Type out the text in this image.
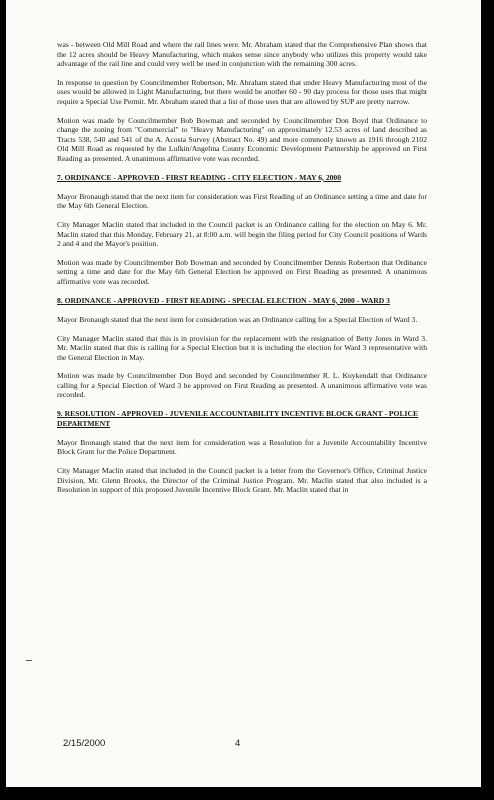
was - between Old Mill Road and where the rail lines were. Mr. Abraham stated that the Comprehensive Plan shows that the 12 acres should be Heavy Manufacturing, which makes sense since anybody who utilizes this property would take advantage of the rail line and could very well be used in conjunction with the remaining 300 acres.

In response to question by Councilmember Robertson, Mr. Abraham stated that under Heavy Manufacturing most of the uses would be allowed in Light Manufacturing, but there would be another 60 - 90 day process for those uses that might require a Special Use Permit. Mr. Abraham stated that a list of those uses that are allowed by SUP are pretty narrow.

Motion was made by Councilmember Bob Bowman and seconded by Councilmember Don Boyd that Ordinance to change the zoning from "Commercial" to "Heavy Manufacturing" on approximately 12.53 acres of land described as Tracts 538, 540 and 541 of the A. Acosta Survey (Abstract No. 49) and more commonly known as 1916 through 2102 Old Mill Road as requested by the Lufkin/Angelina County Economic Development Partnership be approved on First Reading as presented. A unanimous affirmative vote was recorded.

7. ORDINANCE - APPROVED - FIRST READING - CITY ELECTION - MAY 6, 2000

Mayor Bronaugh stated that the next item for consideration was First Reading of an Ordinance setting a time and date for the May 6th General Election.

City Manager Maclin stated that included in the Council packet is an Ordinance calling for the election on May 6. Mr. Maclin stated that this Monday, February 21, at 8:00 a.m. will begin the filing period for City Council positions of Wards 2 and 4 and the Mayor's position.

Motion was made by Councilmember Bob Bowman and seconded by Councilmember Dennis Robertson that Ordinance setting a time and date for the May 6th General Election be approved on First Reading as presented. A unanimous affirmative vote was recorded.

8. ORDINANCE - APPROVED - FIRST READING - SPECIAL ELECTION - MAY 6, 2000 - WARD 3

Mayor Bronaugh stated that the next item for consideration was an Ordinance calling for a Special Election of Ward 3.

City Manager Maclin stated that this is in provision for the replacement with the resignation of Betty Jones in Ward 3. Mr. Maclin stated that this is calling for a Special Election but it is including the election for Ward 3 representative with the General Election in May.

Motion was made by Councilmember Don Boyd and seconded by Councilmember R. L. Kuykendall that Ordinance calling for a Special Election of Ward 3 be approved on First Reading as presented. A unanimous affirmative vote was recorded.

9. RESOLUTION - APPROVED - JUVENILE ACCOUNTABILITY INCENTIVE BLOCK GRANT - POLICE DEPARTMENT

Mayor Bronaugh stated that the next item for consideration was a Resolution for a Juvenile Accountability Incentive Block Grant for the Police Department.

City Manager Maclin stated that included in the Council packet is a letter from the Governor's Office, Criminal Justice Division, Mr. Glenn Brooks, the Director of the Criminal Justice Program. Mr. Maclin stated that also included is a Resolution in support of this proposed Juvenile Incentive Block Grant. Mr. Maclin stated that in

2/15/2000	4
